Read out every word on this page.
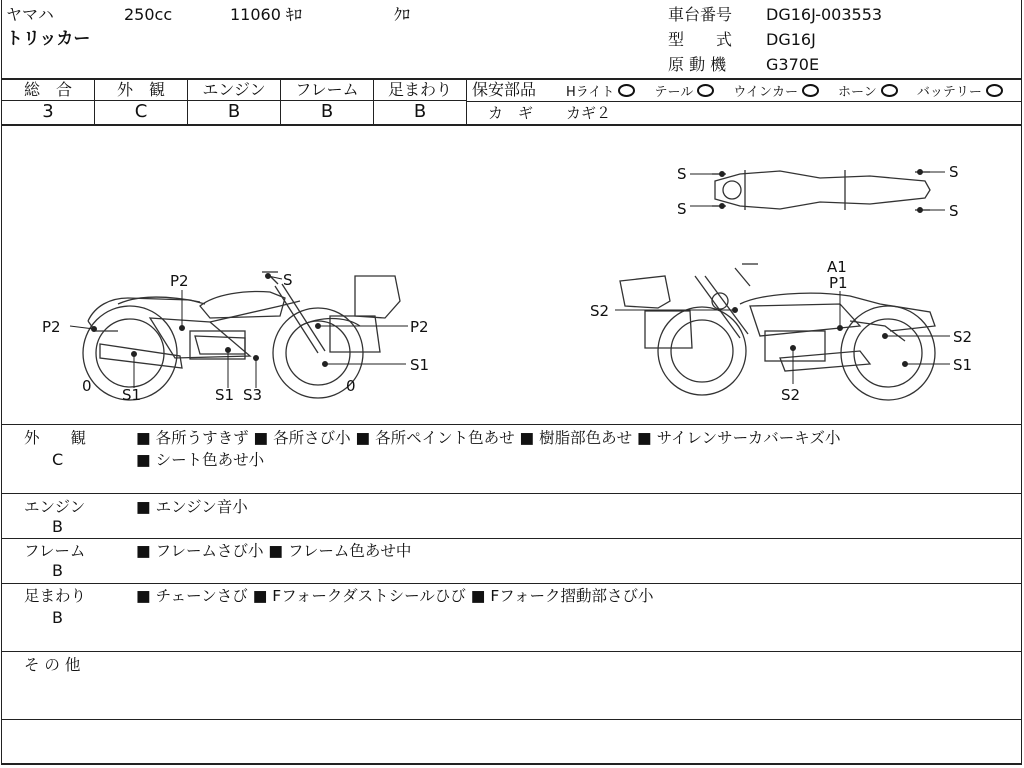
ヤマハ	250cc	11060 ｷﾛ	ｸﾛ
トリッカー
車台番号 DG16J-003553
型　　式 DG16J
原 動 機 G370E
総　合	外　観	エンジン	フレーム	足まわり
3	C	B	B	B
保安部品 Hライト	テール	ウインカー	ホーン	バッテリー
カ　ギ カギ２
P2
P2	S
P2
S1
S1	S1 S3
0	0
S2
A1
P1
S2
S1
S2
S
S
S
S
外　　観
C
■ 各所うすきず ■ 各所さび小 ■ 各所ペイント色あせ ■ 樹脂部色あせ ■ サイレンサーカバーキズ小
■ シート色あせ小
エンジン
B
■ エンジン音小
フレーム
B
■ フレームさび小 ■ フレーム色あせ中
足まわり
B
■ チェーンさび ■ Fフォークダストシールひび ■ Fフォーク摺動部さび小
そ の 他
